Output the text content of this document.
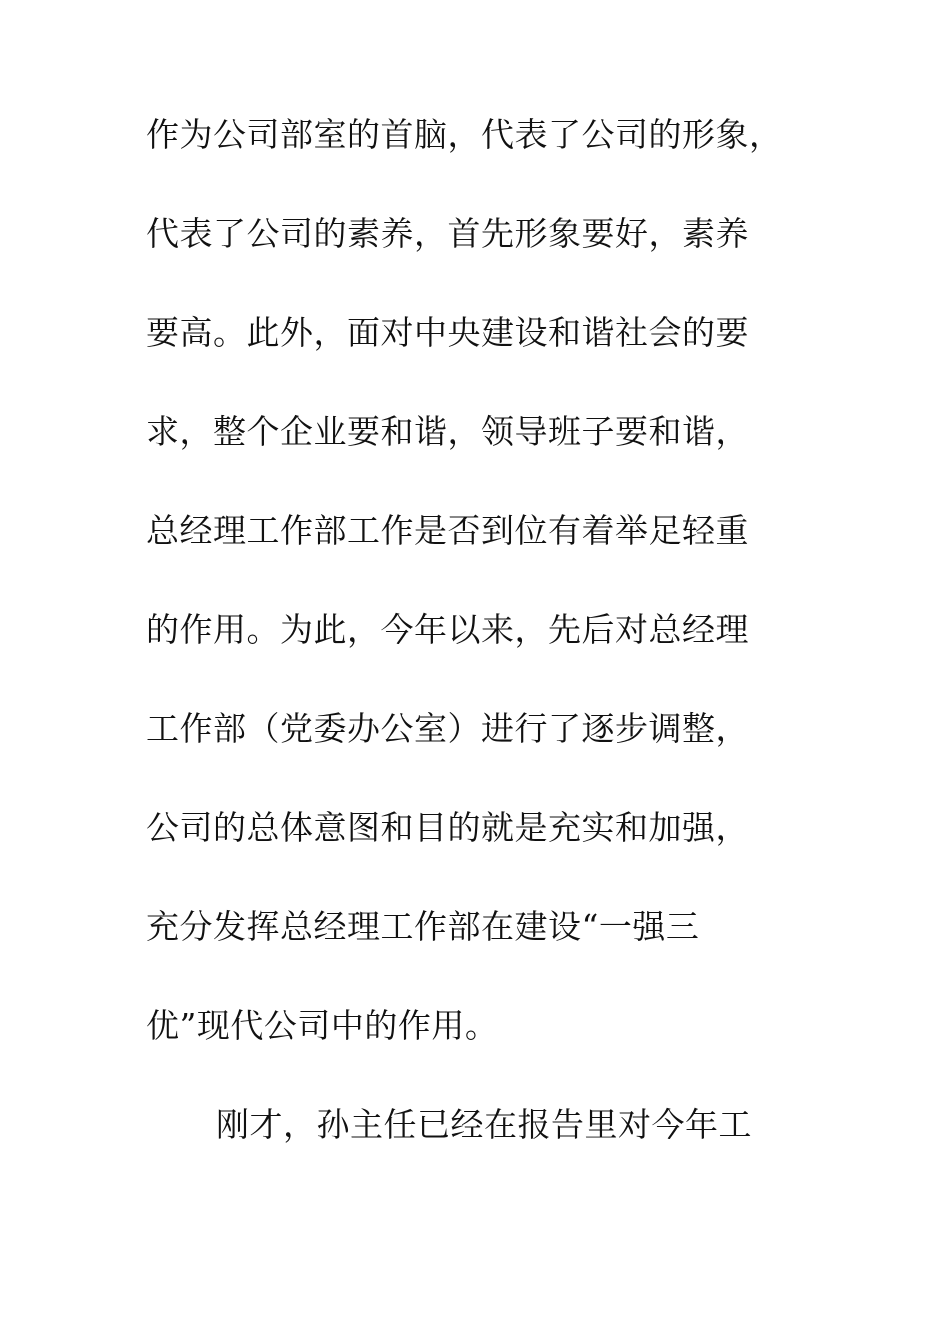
作为公司部室的首脑，代表了公司的形象，
代表了公司的素养，首先形象要好，素养
要高。此外，面对中央建设和谐社会的要
求，整个企业要和谐，领导班子要和谐，
总经理工作部工作是否到位有着举足轻重
的作用。为此，今年以来，先后对总经理
工作部（党委办公室）进行了逐步调整，
公司的总体意图和目的就是充实和加强，
充分发挥总经理工作部在建设“一强三
优”现代公司中的作用。
刚才，孙主任已经在报告里对今年工
